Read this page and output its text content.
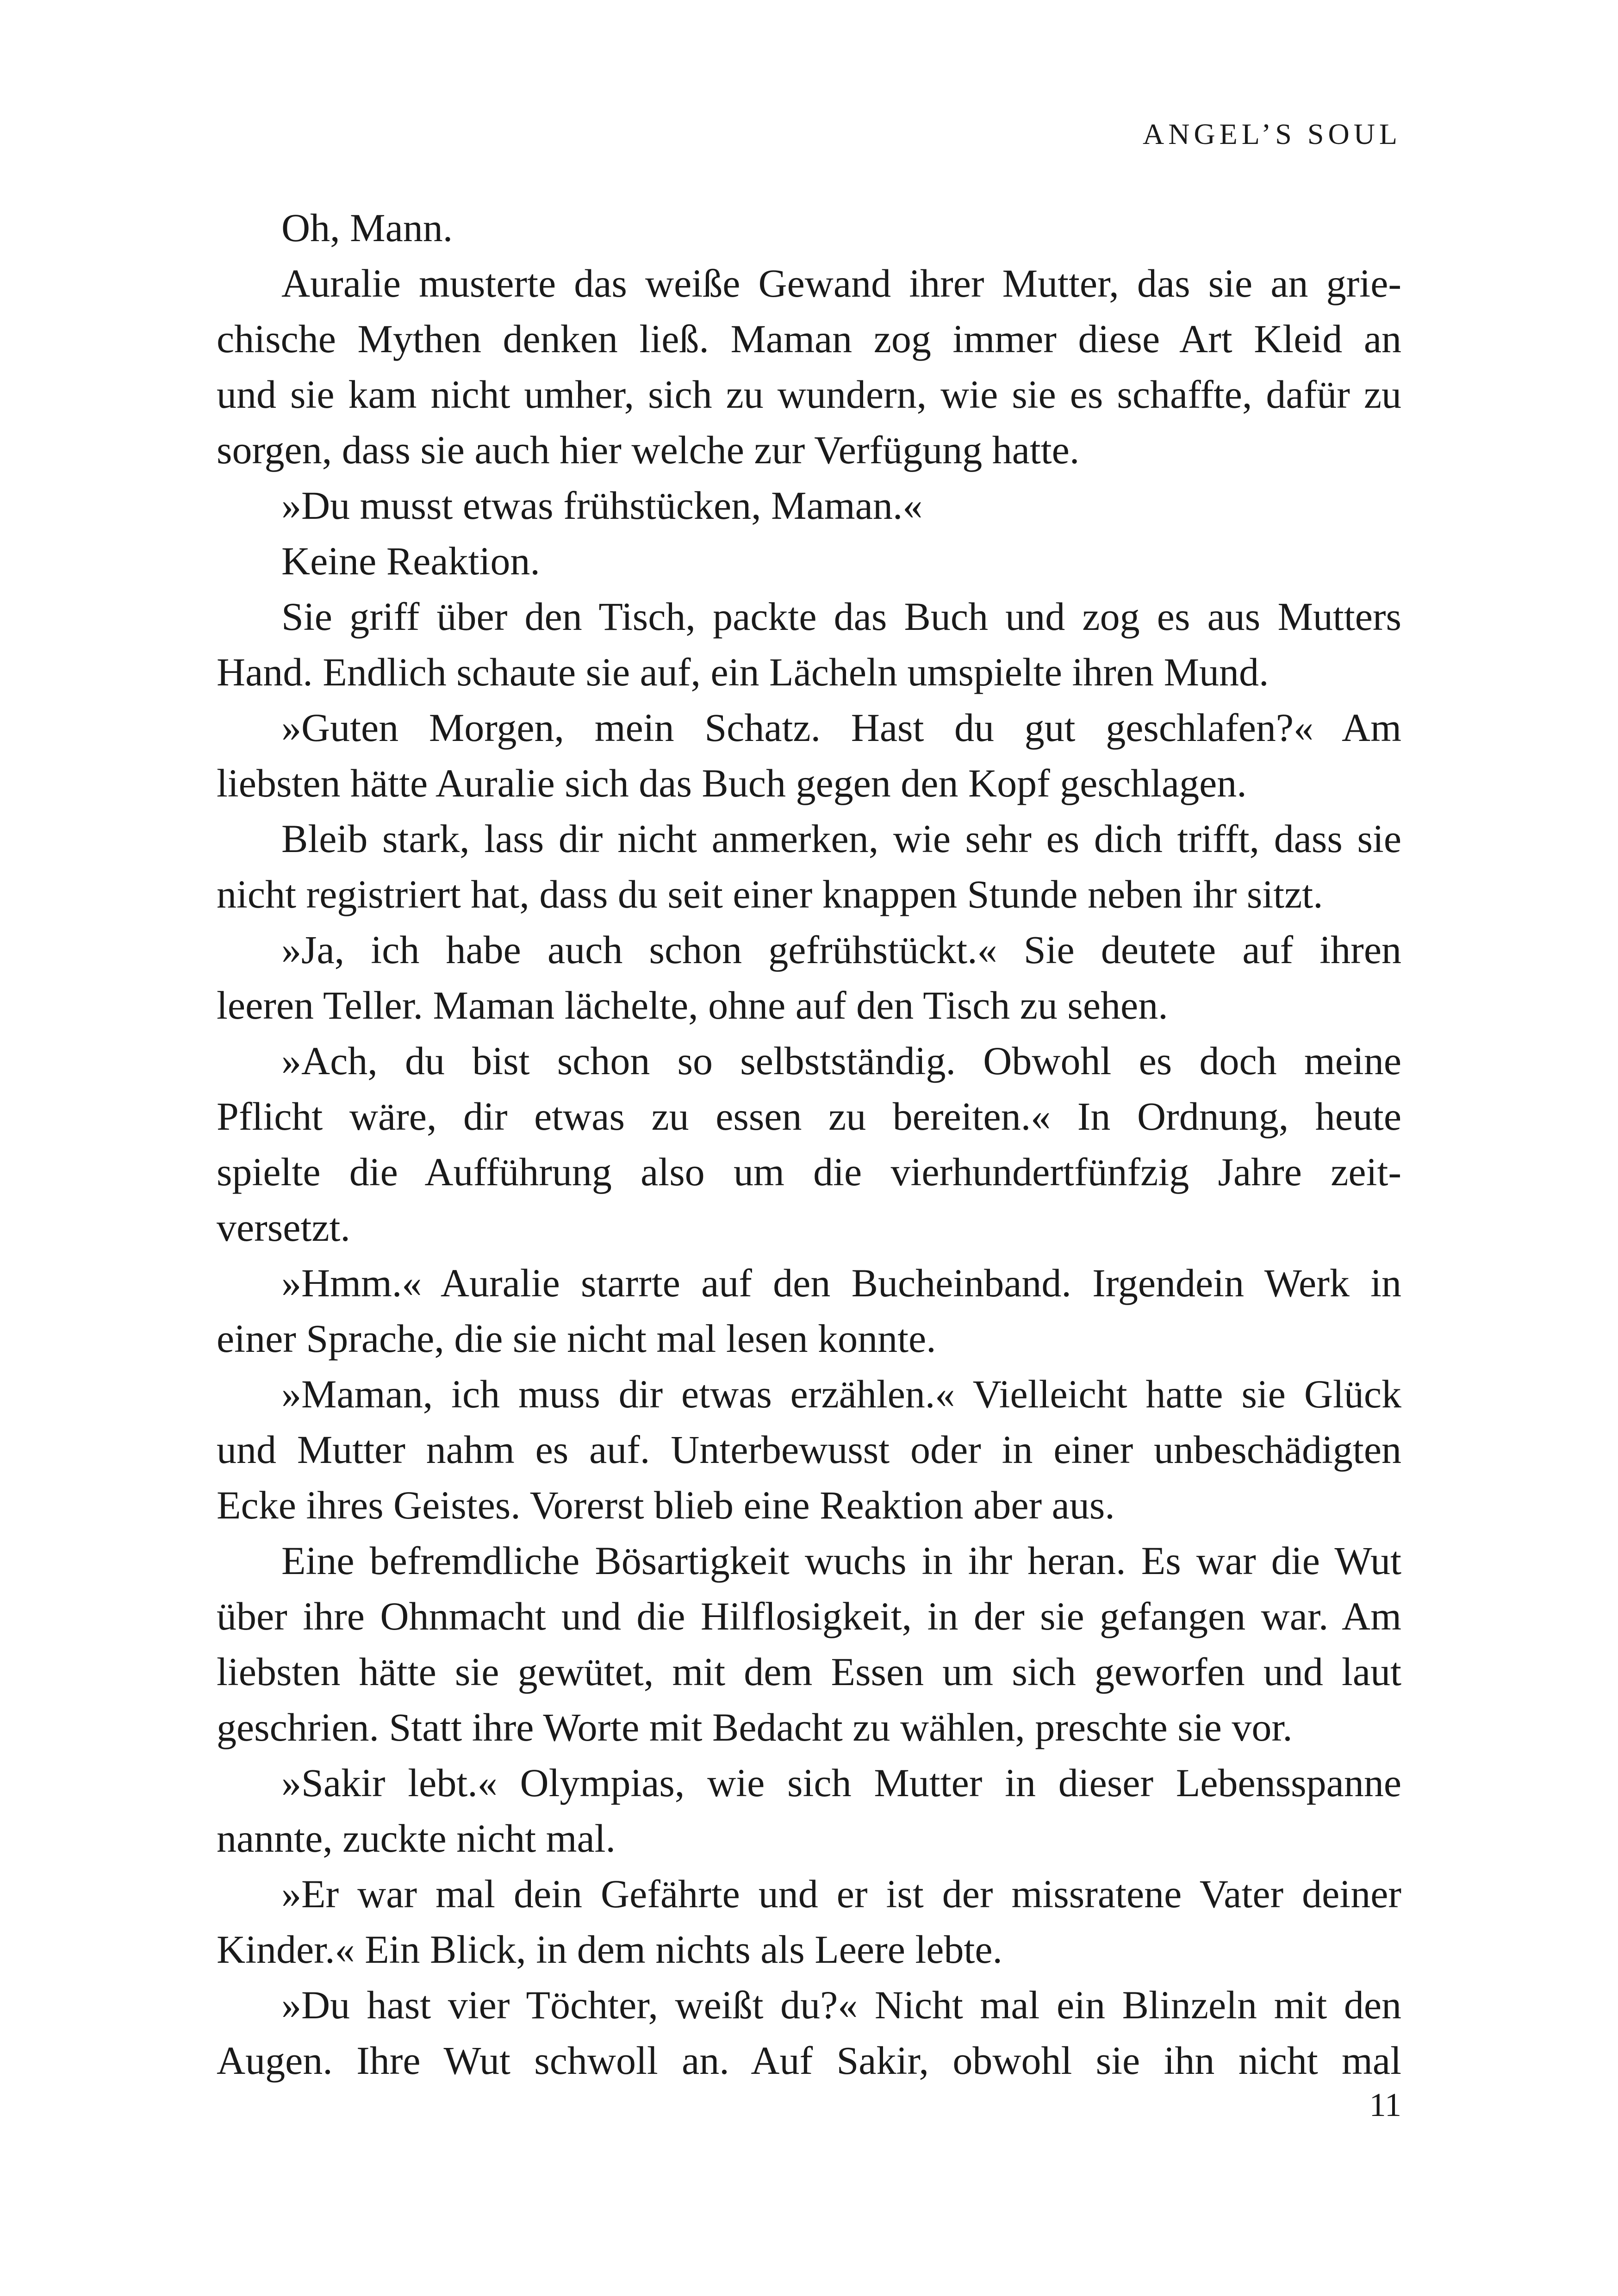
ANGEL’S SOUL
Oh, Mann.
Auralie musterte das weiße Gewand ihrer Mutter, das sie an grie-
chische Mythen denken ließ. Maman zog immer diese Art Kleid an
und sie kam nicht umher, sich zu wundern, wie sie es schaffte, dafür zu
sorgen, dass sie auch hier welche zur Verfügung hatte.
»Du musst etwas frühstücken, Maman.«
Keine Reaktion.
Sie griff über den Tisch, packte das Buch und zog es aus Mutters
Hand. Endlich schaute sie auf, ein Lächeln umspielte ihren Mund.
»Guten Morgen, mein Schatz. Hast du gut geschlafen?« Am
liebsten hätte Auralie sich das Buch gegen den Kopf geschlagen.
Bleib stark, lass dir nicht anmerken, wie sehr es dich trifft, dass sie
nicht registriert hat, dass du seit einer knappen Stunde neben ihr sitzt.
»Ja, ich habe auch schon gefrühstückt.« Sie deutete auf ihren
leeren Teller. Maman lächelte, ohne auf den Tisch zu sehen.
»Ach, du bist schon so selbstständig. Obwohl es doch meine
Pflicht wäre, dir etwas zu essen zu bereiten.« In Ordnung, heute
spielte die Aufführung also um die vierhundertfünfzig Jahre zeit-
versetzt.
»Hmm.« Auralie starrte auf den Bucheinband. Irgendein Werk in
einer Sprache, die sie nicht mal lesen konnte.
»Maman, ich muss dir etwas erzählen.« Vielleicht hatte sie Glück
und Mutter nahm es auf. Unterbewusst oder in einer unbeschädigten
Ecke ihres Geistes. Vorerst blieb eine Reaktion aber aus.
Eine befremdliche Bösartigkeit wuchs in ihr heran. Es war die Wut
über ihre Ohnmacht und die Hilflosigkeit, in der sie gefangen war. Am
liebsten hätte sie gewütet, mit dem Essen um sich geworfen und laut
geschrien. Statt ihre Worte mit Bedacht zu wählen, preschte sie vor.
»Sakir lebt.« Olympias, wie sich Mutter in dieser Lebensspanne
nannte, zuckte nicht mal.
»Er war mal dein Gefährte und er ist der missratene Vater deiner
Kinder.« Ein Blick, in dem nichts als Leere lebte.
»Du hast vier Töchter, weißt du?« Nicht mal ein Blinzeln mit den
Augen. Ihre Wut schwoll an. Auf Sakir, obwohl sie ihn nicht mal
11
